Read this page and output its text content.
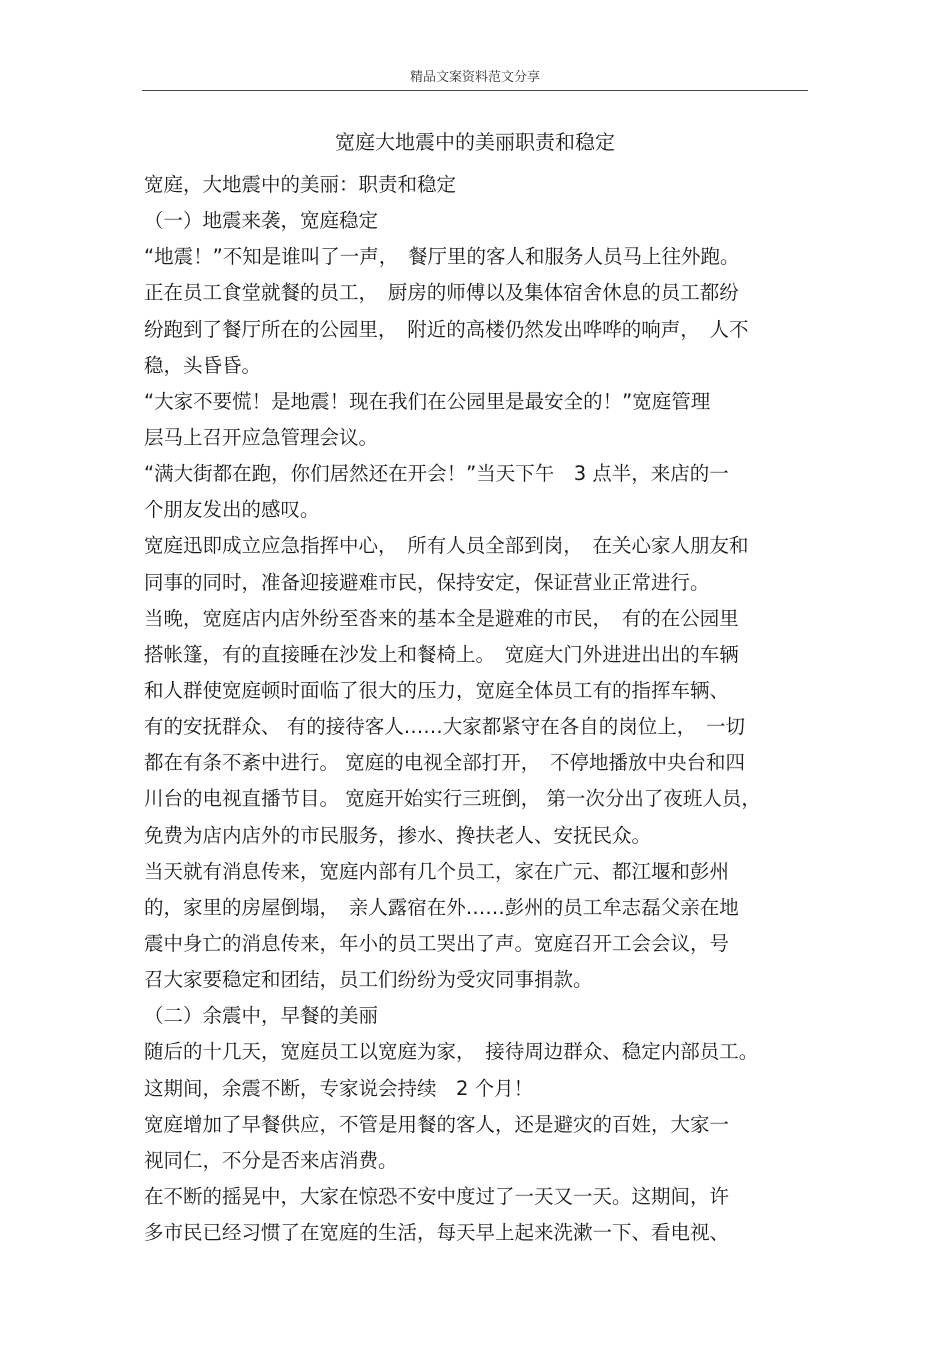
精品文案资料范文分享
宽庭大地震中的美丽职责和稳定
宽庭，大地震中的美丽：职责和稳定
（一）地震来袭，宽庭稳定
“地震！”不知是谁叫了一声，　餐厅里的客人和服务人员马上往外跑。
正在员工食堂就餐的员工，　厨房的师傅以及集体宿舍休息的员工都纷
纷跑到了餐厅所在的公园里，　附近的高楼仍然发出哗哗的响声，　人不
稳，头昏昏。
“大家不要慌！是地震！现在我们在公园里是最安全的！”宽庭管理
层马上召开应急管理会议。
“满大街都在跑，你们居然还在开会！”当天下午　3 点半，来店的一
个朋友发出的感叹。
宽庭迅即成立应急指挥中心，　所有人员全部到岗，　在关心家人朋友和
同事的同时，准备迎接避难市民，保持安定，保证营业正常进行。
当晚，宽庭店内店外纷至沓来的基本全是避难的市民，　有的在公园里
搭帐篷，有的直接睡在沙发上和餐椅上。　宽庭大门外进进出出的车辆
和人群使宽庭顿时面临了很大的压力，宽庭全体员工有的指挥车辆、
有的安抚群众、 有的接待客人……大家都紧守在各自的岗位上，　一切
都在有条不紊中进行。 宽庭的电视全部打开，　不停地播放中央台和四
川台的电视直播节目。 宽庭开始实行三班倒， 第一次分出了夜班人员，
免费为店内店外的市民服务，掺水、搀扶老人、安抚民众。
当天就有消息传来，宽庭内部有几个员工，家在广元、都江堰和彭州
的，家里的房屋倒塌，　亲人露宿在外……彭州的员工牟志磊父亲在地
震中身亡的消息传来，年小的员工哭出了声。宽庭召开工会会议，号
召大家要稳定和团结，员工们纷纷为受灾同事捐款。
（二）余震中，早餐的美丽
随后的十几天，宽庭员工以宽庭为家，　接待周边群众、稳定内部员工。
这期间，余震不断，专家说会持续　2 个月！
宽庭增加了早餐供应，不管是用餐的客人，还是避灾的百姓，大家一
视同仁，不分是否来店消费。
在不断的摇晃中，大家在惊恐不安中度过了一天又一天。这期间，许
多市民已经习惯了在宽庭的生活，每天早上起来洗漱一下、看电视、
